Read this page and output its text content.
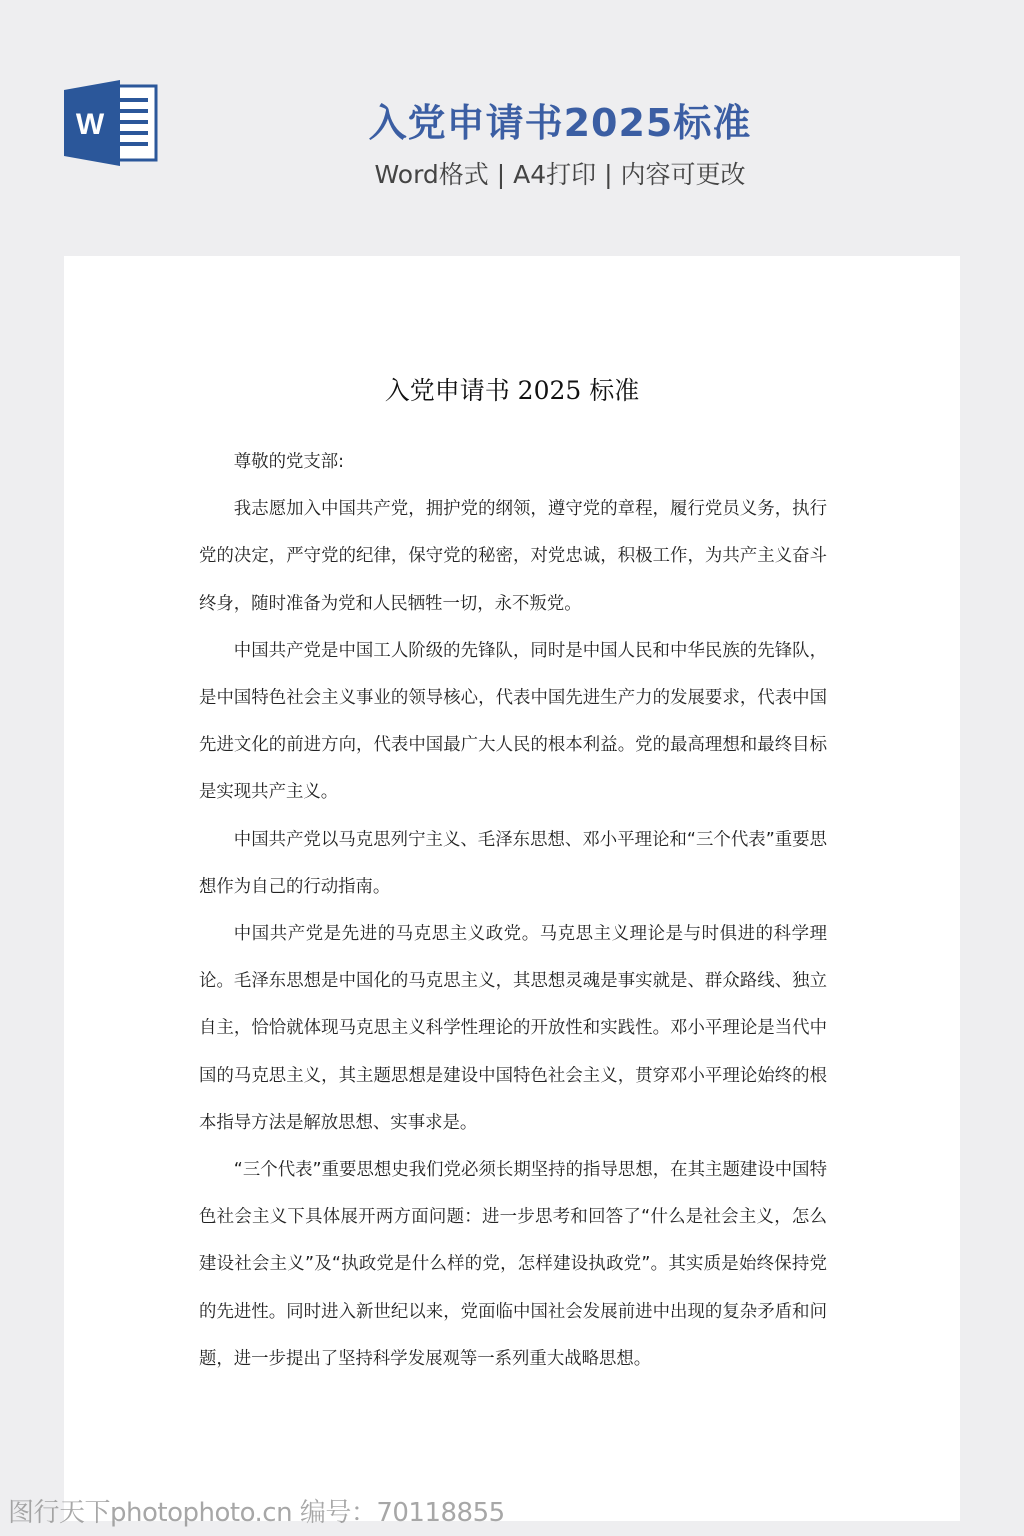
W	入党申请书2025标准
Word格式 | A4打印 | 内容可更改
入党申请书 2025 标准

尊敬的党支部:

我志愿加入中国共产党，拥护党的纲领，遵守党的章程，履行党员义务，执行党的决定，严守党的纪律，保守党的秘密，对党忠诚，积极工作，为共产主义奋斗终身，随时准备为党和人民牺牲一切，永不叛党。

中国共产党是中国工人阶级的先锋队，同时是中国人民和中华民族的先锋队，是中国特色社会主义事业的领导核心，代表中国先进生产力的发展要求，代表中国先进文化的前进方向，代表中国最广大人民的根本利益。党的最高理想和最终目标是实现共产主义。

中国共产党以马克思列宁主义、毛泽东思想、邓小平理论和“三个代表”重要思想作为自己的行动指南。

中国共产党是先进的马克思主义政党。马克思主义理论是与时俱进的科学理论。毛泽东思想是中国化的马克思主义，其思想灵魂是事实就是、群众路线、独立自主，恰恰就体现马克思主义科学性理论的开放性和实践性。邓小平理论是当代中国的马克思主义，其主题思想是建设中国特色社会主义，贯穿邓小平理论始终的根本指导方法是解放思想、实事求是。

“三个代表”重要思想史我们党必须长期坚持的指导思想，在其主题建设中国特色社会主义下具体展开两方面问题：进一步思考和回答了“什么是社会主义，怎么建设社会主义”及“执政党是什么样的党，怎样建设执政党”。其实质是始终保持党的先进性。同时进入新世纪以来，党面临中国社会发展前进中出现的复杂矛盾和问题，进一步提出了坚持科学发展观等一系列重大战略思想。

图行天下photophoto.cn 编号：70118855
